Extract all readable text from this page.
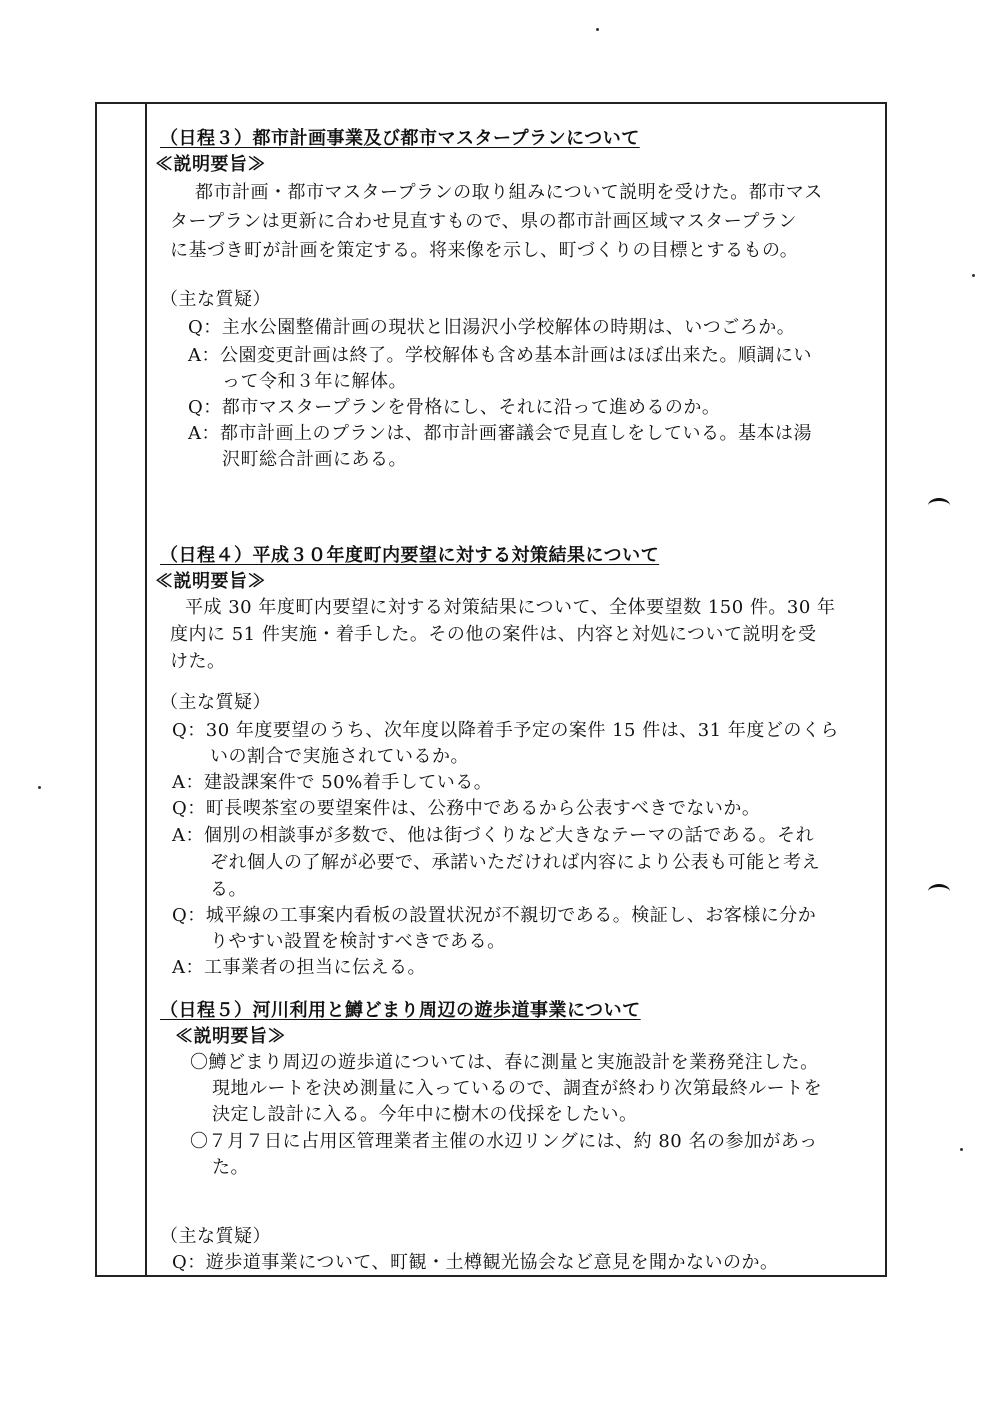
（日程３）都市計画事業及び都市マスタープランについて
≪説明要旨≫
都市計画・都市マスタープランの取り組みについて説明を受けた。都市マス
タープランは更新に合わせ見直すもので、県の都市計画区域マスタープラン
に基づき町が計画を策定する。将来像を示し、町づくりの目標とするもの。
（主な質疑）
Q：主水公園整備計画の現状と旧湯沢小学校解体の時期は、いつごろか。
A：公園変更計画は終了。学校解体も含め基本計画はほぼ出来た。順調にい
って令和３年に解体。
Q：都市マスタープランを骨格にし、それに沿って進めるのか。
A：都市計画上のプランは、都市計画審議会で見直しをしている。基本は湯
沢町総合計画にある。
（日程４）平成３０年度町内要望に対する対策結果について
≪説明要旨≫
平成 30 年度町内要望に対する対策結果について、全体要望数 150 件。30 年
度内に 51 件実施・着手した。その他の案件は、内容と対処について説明を受
けた。
（主な質疑）
Q：30 年度要望のうち、次年度以降着手予定の案件 15 件は、31 年度どのくら
いの割合で実施されているか。
A：建設課案件で 50%着手している。
Q：町長喫茶室の要望案件は、公務中であるから公表すべきでないか。
A：個別の相談事が多数で、他は街づくりなど大きなテーマの話である。それ
ぞれ個人の了解が必要で、承諾いただければ内容により公表も可能と考え
る。
Q：城平線の工事案内看板の設置状況が不親切である。検証し、お客様に分か
りやすい設置を検討すべきである。
A：工事業者の担当に伝える。
（日程５）河川利用と鱒どまり周辺の遊歩道事業について
≪説明要旨≫
〇鱒どまり周辺の遊歩道については、春に測量と実施設計を業務発注した。
現地ルートを決め測量に入っているので、調査が終わり次第最終ルートを
決定し設計に入る。今年中に樹木の伐採をしたい。
〇７月７日に占用区管理業者主催の水辺リングには、約 80 名の参加があっ
た。
（主な質疑）
Q：遊歩道事業について、町観・土樽観光協会など意見を聞かないのか。
